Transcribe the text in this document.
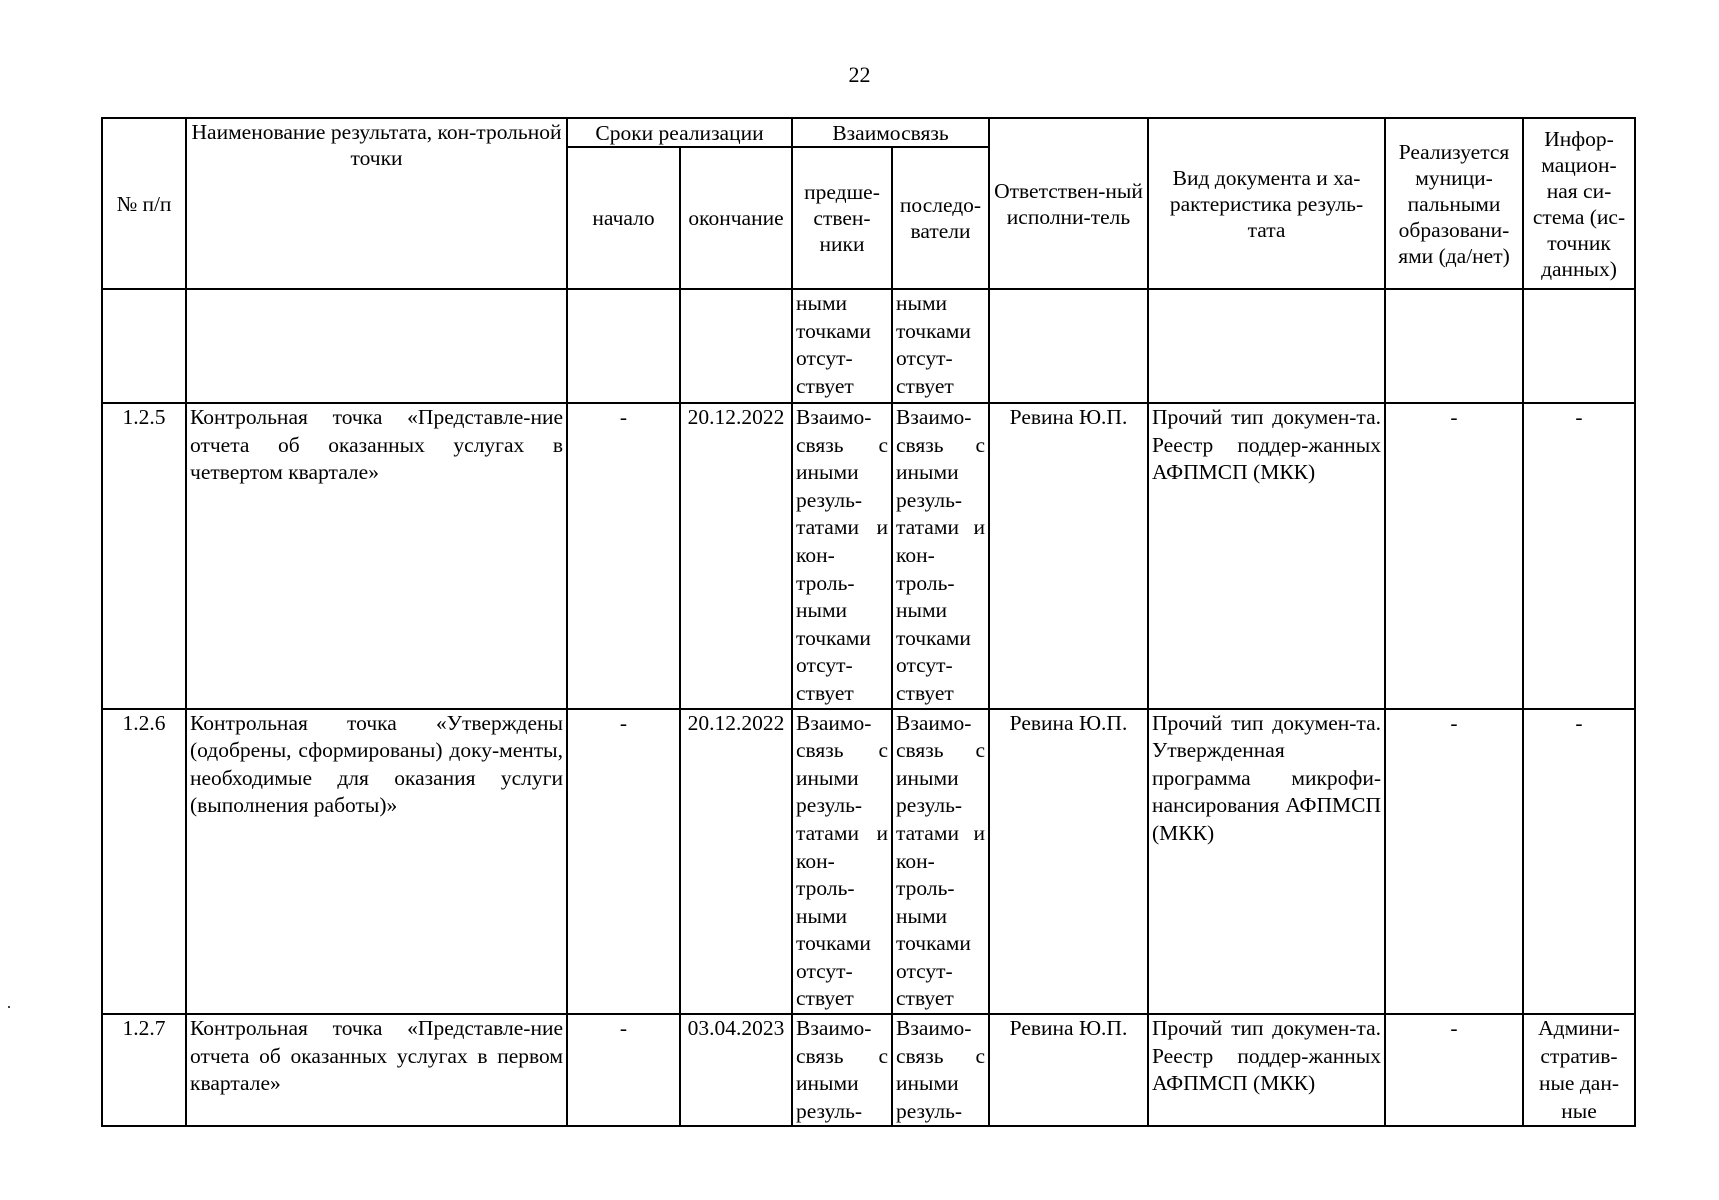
22
№ п/п	Наименование результата, кон-трольной точки	Сроки реализации		Взаимосвязь		Ответствен-ный исполни-тель	Вид документа и ха-рактеристика резуль-тата	Реализуется муници-пальными образовани-ями (да/нет)	Инфор-мацион-ная си-стема (ис-точник данных)
		начало	окончание	предше-ствен-ники	последо-ватели				
				ными точками отсут-ствует	ными точками отсут-ствует				
1.2.5	Контрольная точка «Представле-ние отчета об оказанных услугах в четвертом квартале»	-	20.12.2022	Взаимо-связь с иными резуль-татами и кон-троль-ными точками отсут-ствует	Взаимо-связь с иными резуль-татами и кон-троль-ными точками отсут-ствует	Ревина Ю.П.	Прочий тип докумен-та. Реестр поддер-жанных АФПМСП (МКК)	-	-
1.2.6	Контрольная точка «Утверждены (одобрены, сформированы) доку-менты, необходимые для оказания услуги (выполнения работы)»	-	20.12.2022	Взаимо-связь с иными резуль-татами и кон-троль-ными точками отсут-ствует	Взаимо-связь с иными резуль-татами и кон-троль-ными точками отсут-ствует	Ревина Ю.П.	Прочий тип докумен-та. Утвержденная программа микрофи-нансирования АФПМСП (МКК)	-	-
1.2.7	Контрольная точка «Представле-ние отчета об оказанных услугах в первом квартале»	-	03.04.2023	Взаимо-связь с иными резуль-	Взаимо-связь с иными резуль-	Ревина Ю.П.	Прочий тип докумен-та. Реестр поддер-жанных АФПМСП (МКК)	-	Админи-стратив-ные дан-ные
